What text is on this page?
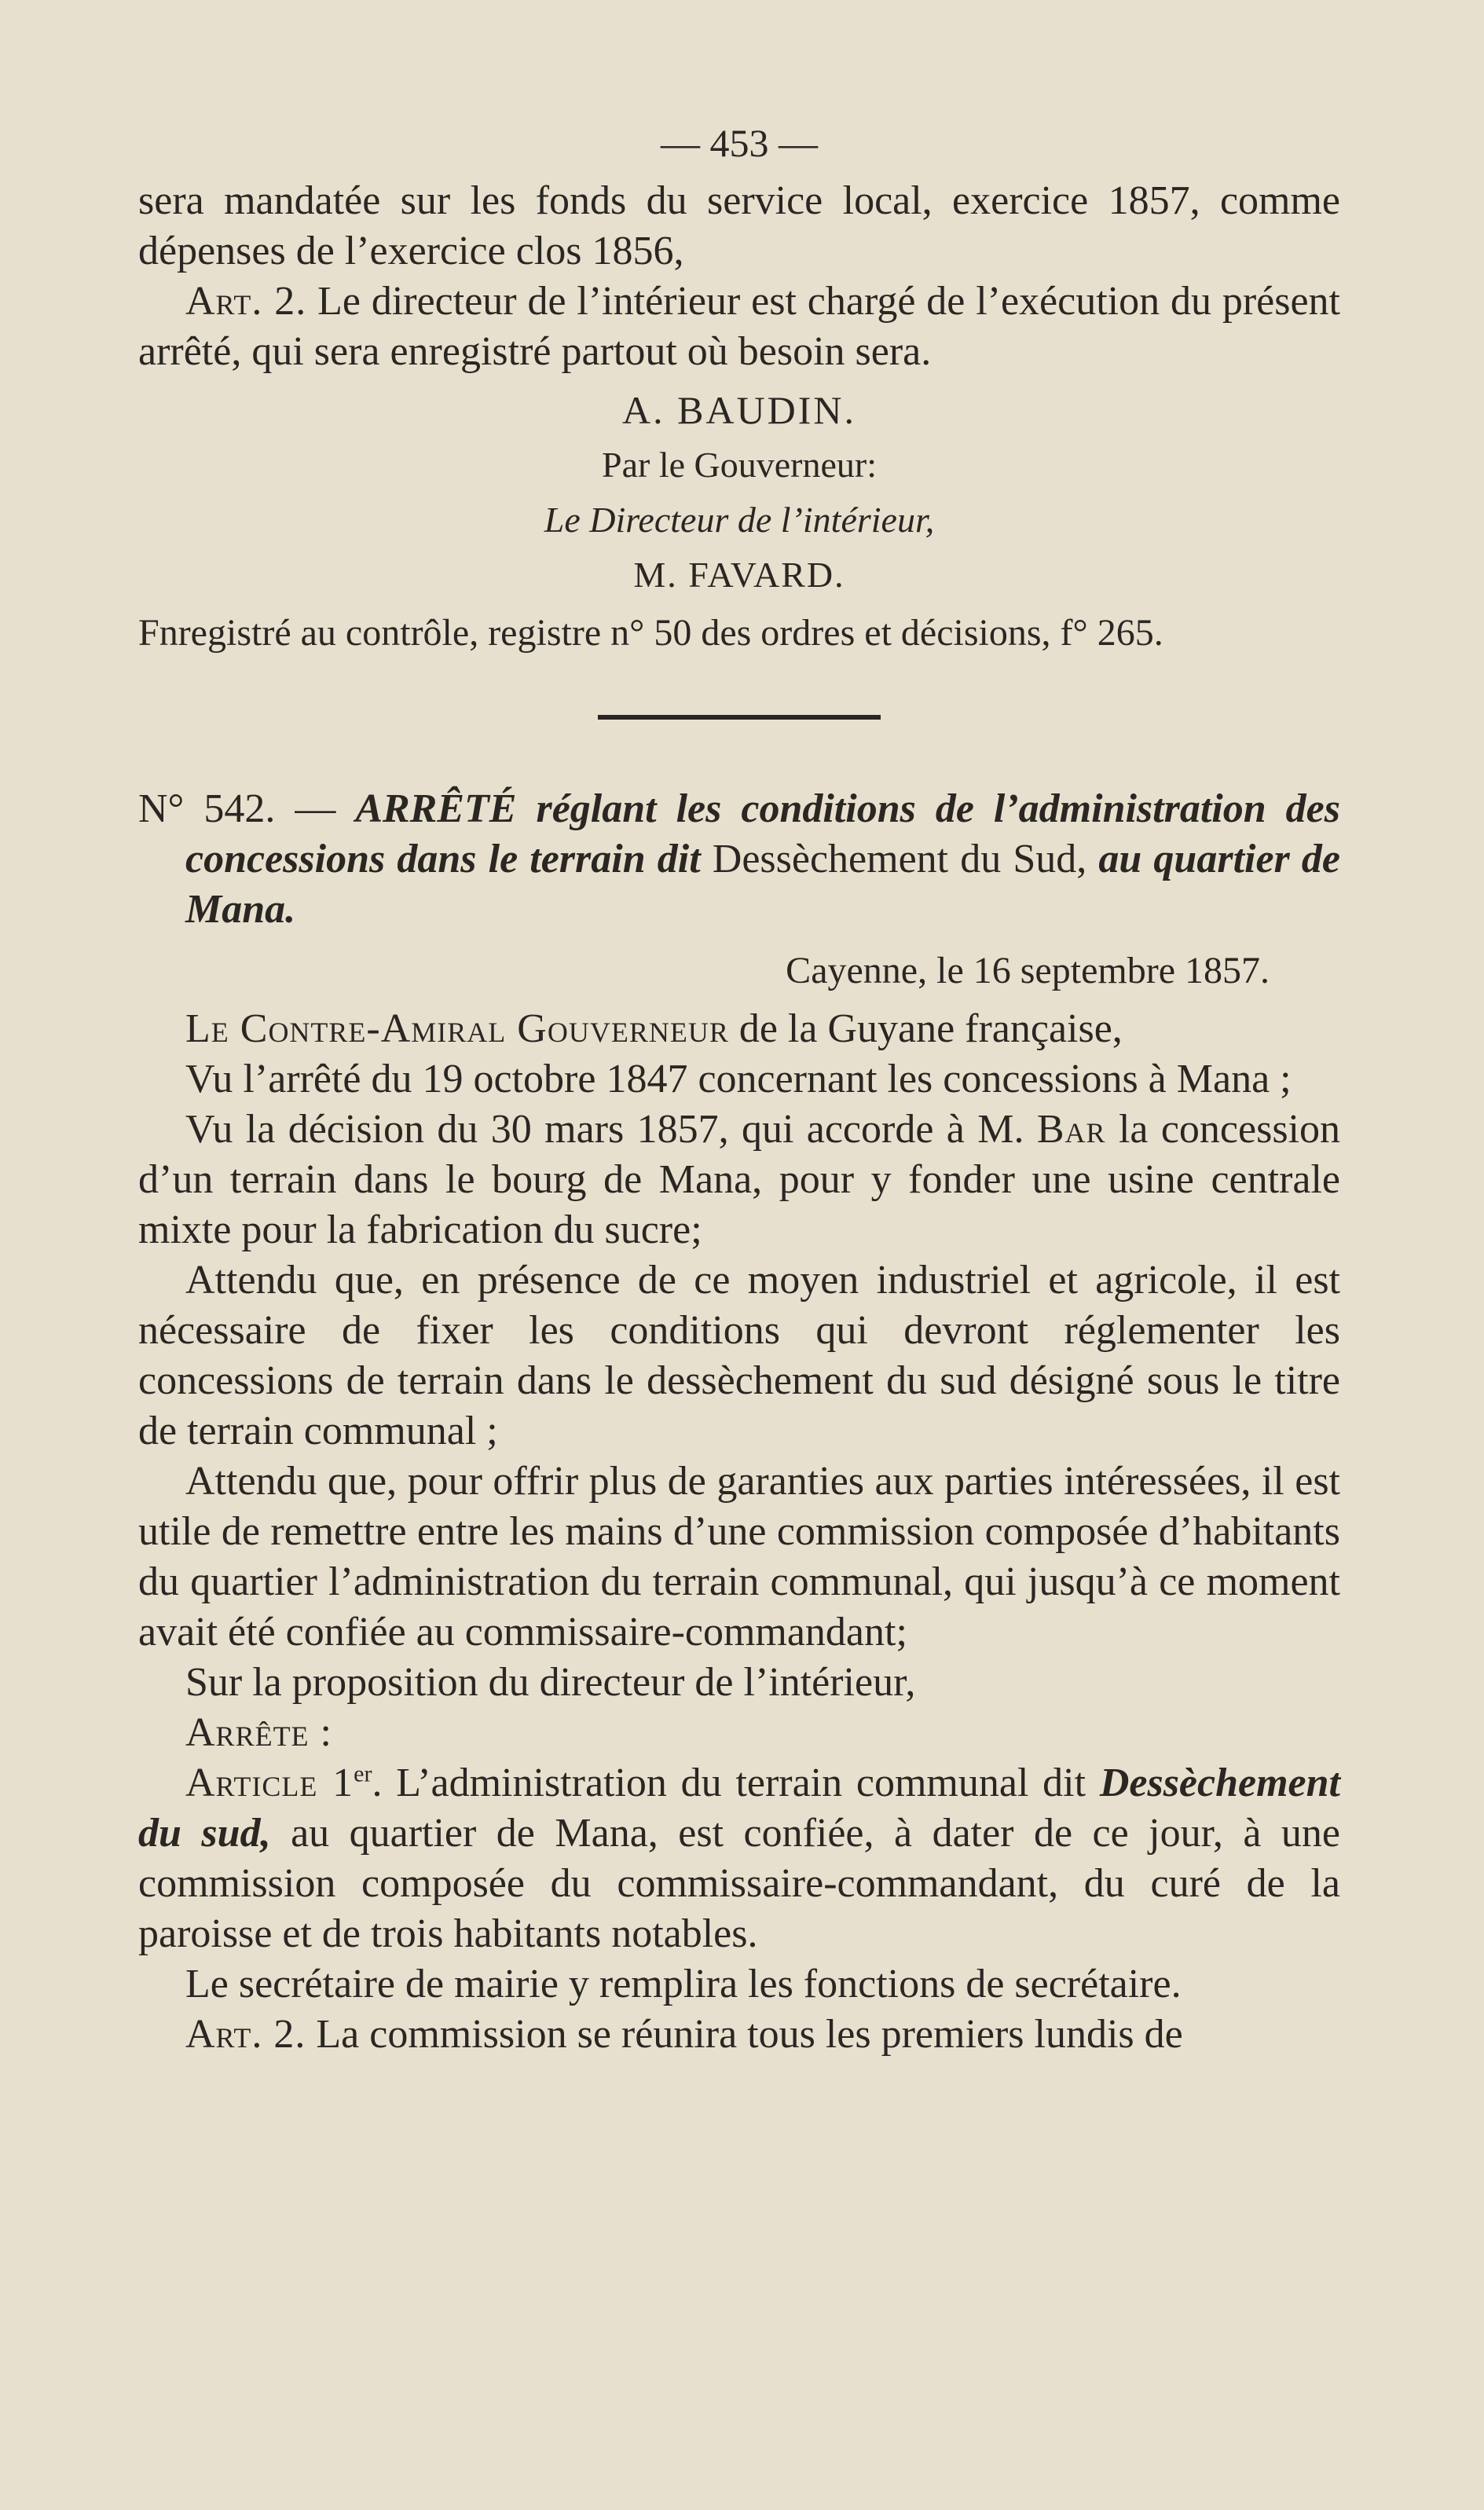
— 453 —

sera mandatée sur les fonds du service local, exercice 1857, comme dépenses de l’exercice clos 1856,

Art. 2. Le directeur de l’intérieur est chargé de l’exécution du présent arrêté, qui sera enregistré partout où besoin sera.

A. BAUDIN.

Par le Gouverneur:

Le Directeur de l’intérieur,

M. FAVARD.

Fnregistré au contrôle, registre n° 50 des ordres et décisions, f° 265.

N° 542. — ARRÊTÉ réglant les conditions de l’administration des concessions dans le terrain dit Dessèchement du Sud, au quartier de Mana.

Cayenne, le 16 septembre 1857.

Le Contre-Amiral Gouverneur de la Guyane française,

Vu l’arrêté du 19 octobre 1847 concernant les concessions à Mana ;

Vu la décision du 30 mars 1857, qui accorde à M. Bar la concession d’un terrain dans le bourg de Mana, pour y fonder une usine centrale mixte pour la fabrication du sucre;

Attendu que, en présence de ce moyen industriel et agricole, il est nécessaire de fixer les conditions qui devront réglementer les concessions de terrain dans le dessèchement du sud désigné sous le titre de terrain communal ;

Attendu que, pour offrir plus de garanties aux parties intéressées, il est utile de remettre entre les mains d’une commission composée d’habitants du quartier l’administration du terrain communal, qui jusqu’à ce moment avait été confiée au commissaire-commandant;

Sur la proposition du directeur de l’intérieur,

Arrête :

Article 1er. L’administration du terrain communal dit Dessèchement du sud, au quartier de Mana, est confiée, à dater de ce jour, à une commission composée du commissaire-commandant, du curé de la paroisse et de trois habitants notables.

Le secrétaire de mairie y remplira les fonctions de secrétaire.

Art. 2. La commission se réunira tous les premiers lundis de
